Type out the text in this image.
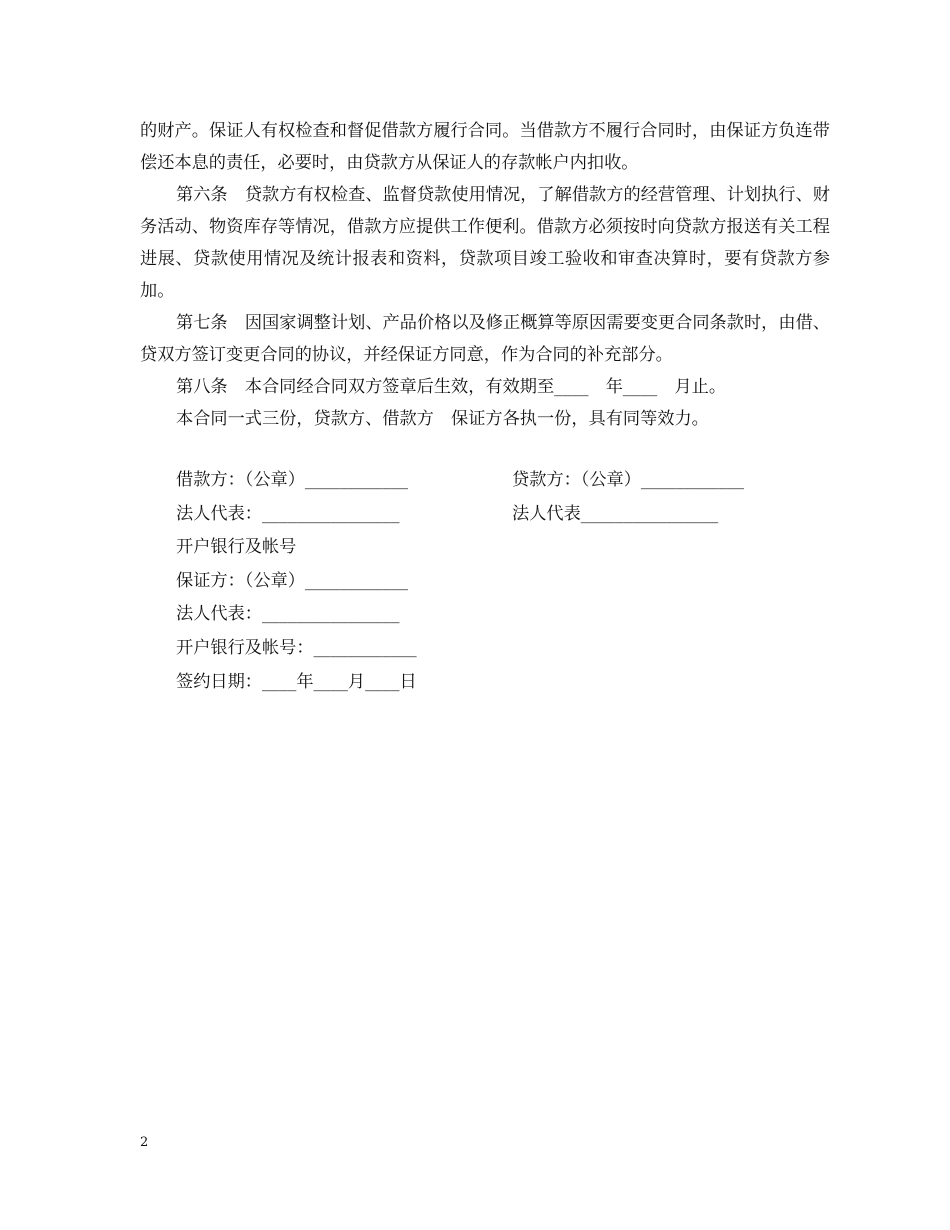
的财产。保证人有权检查和督促借款方履行合同。当借款方不履行合同时，由保证方负连带偿还本息的责任，必要时，由贷款方从保证人的存款帐户内扣收。

第六条　贷款方有权检查、监督贷款使用情况，了解借款方的经营管理、计划执行、财务活动、物资库存等情况，借款方应提供工作便利。借款方必须按时向贷款方报送有关工程进展、贷款使用情况及统计报表和资料，贷款项目竣工验收和审查决算时，要有贷款方参加。

第七条　因国家调整计划、产品价格以及修正概算等原因需要变更合同条款时，由借、贷双方签订变更合同的协议，并经保证方同意，作为合同的补充部分。

第八条　本合同经合同双方签章后生效，有效期至____　年____　月止。

本合同一式三份，贷款方、借款方　保证方各执一份，具有同等效力。

借款方：（公章）____________	贷款方：（公章）____________
法人代表：________________	法人代表________________
开户银行及帐号
保证方：（公章）____________
法人代表：________________
开户银行及帐号：____________
签约日期：____年____月____日
2
